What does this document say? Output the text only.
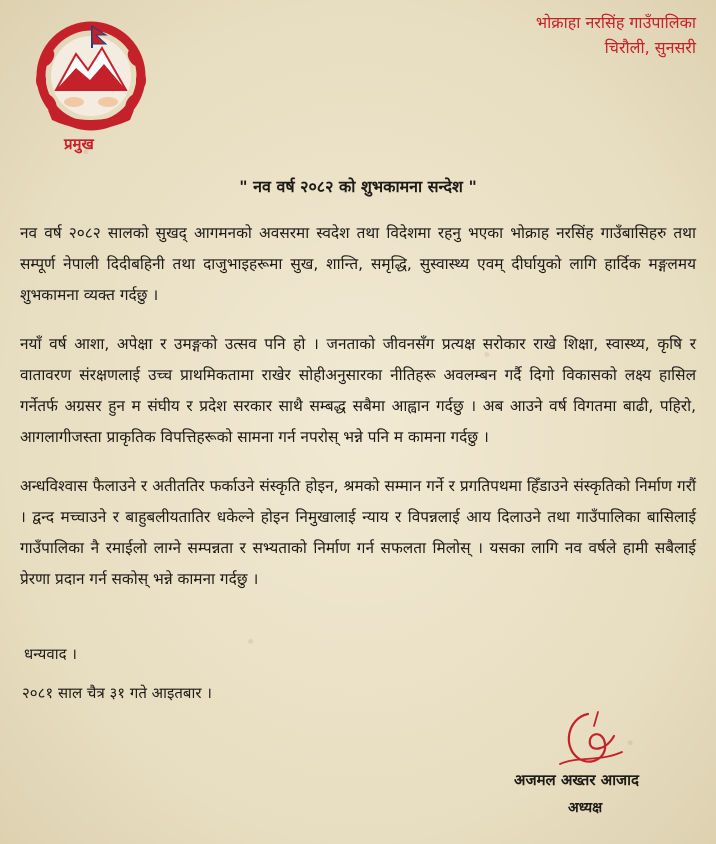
प्रमुख
भोक्राहा नरसिंह गाउँपालिका
चिरौली, सुनसरी
" नव वर्ष २०८२ को शुभकामना सन्देश "

नव वर्ष २०८२ सालको सुखद् आगमनको अवसरमा स्वदेश तथा विदेशमा रहनु भएका भोक्राह नरसिंह गाउँबासिहरु तथा सम्पूर्ण नेपाली दिदीबहिनी तथा दाजुभाइहरूमा सुख, शान्ति, समृद्धि, सुस्वास्थ्य एवम् दीर्घायुको लागि हार्दिक मङ्गलमय शुभकामना व्यक्त गर्दछु ।

नयाँ वर्ष आशा, अपेक्षा र उमङ्गको उत्सव पनि हो । जनताको जीवनसँग प्रत्यक्ष सरोकार राखे शिक्षा, स्वास्थ्य, कृषि र वातावरण संरक्षणलाई उच्च प्राथमिकतामा राखेर सोहीअनुसारका नीतिहरू अवलम्बन गर्दै दिगो विकासको लक्ष्य हासिल गर्नेतर्फ अग्रसर हुन म संघीय र प्रदेश सरकार साथै सम्बद्ध सबैमा आह्वान गर्दछु । अब आउने वर्ष विगतमा बाढी, पहिरो, आगलागीजस्ता प्राकृतिक विपत्तिहरूको सामना गर्न नपरोस् भन्ने पनि म कामना गर्दछु ।

अन्धविश्वास फैलाउने र अतीततिर फर्काउने संस्कृति होइन, श्रमको सम्मान गर्ने र प्रगतिपथमा हिँडाउने संस्कृतिको निर्माण गरौं । द्वन्द मच्चाउने र बाहुबलीयतातिर धकेल्ने होइन निमुखालाई न्याय र विपन्नलाई आय दिलाउने तथा गाउँपालिका बासिलाई गाउँपालिका नै रमाईलो लाग्ने सम्पन्नता र सभ्यताको निर्माण गर्न सफलता मिलोस् । यसका लागि नव वर्षले हामी सबैलाई प्रेरणा प्रदान गर्न सकोस् भन्ने कामना गर्दछु ।

धन्यवाद ।
२०८१ साल चैत्र ३१ गते आइतबार ।
अजमल अख्तर आजाद
अध्यक्ष
